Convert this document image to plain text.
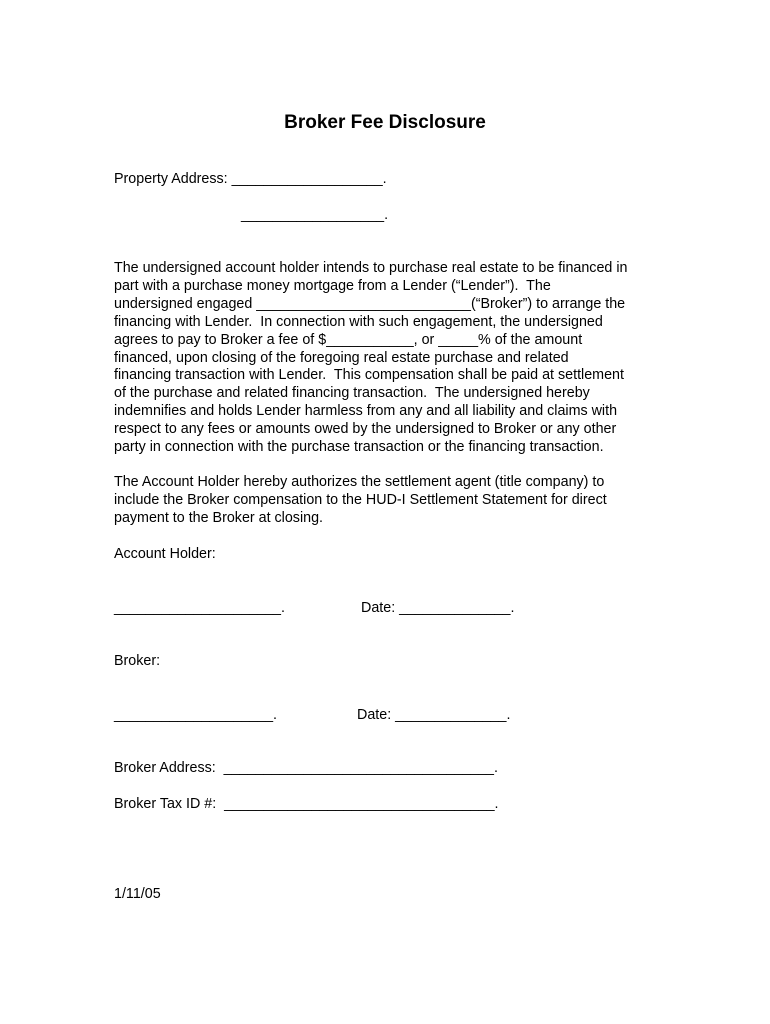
Broker Fee Disclosure
Property Address: ___________________.
__________________.
The undersigned account holder intends to purchase real estate to be financed in
part with a purchase money mortgage from a Lender (“Lender”).  The
undersigned engaged ___________________________(“Broker”) to arrange the
financing with Lender.  In connection with such engagement, the undersigned
agrees to pay to Broker a fee of $___________, or _____% of the amount
financed, upon closing of the foregoing real estate purchase and related
financing transaction with Lender.  This compensation shall be paid at settlement
of the purchase and related financing transaction.  The undersigned hereby
indemnifies and holds Lender harmless from any and all liability and claims with
respect to any fees or amounts owed by the undersigned to Broker or any other
party in connection with the purchase transaction or the financing transaction.
The Account Holder hereby authorizes the settlement agent (title company) to
include the Broker compensation to the HUD-I Settlement Statement for direct
payment to the Broker at closing.
Account Holder:
_____________________.	Date: ______________.
Broker:
____________________.	Date: ______________.
Broker Address:  __________________________________.
Broker Tax ID #:  __________________________________.
1/11/05
